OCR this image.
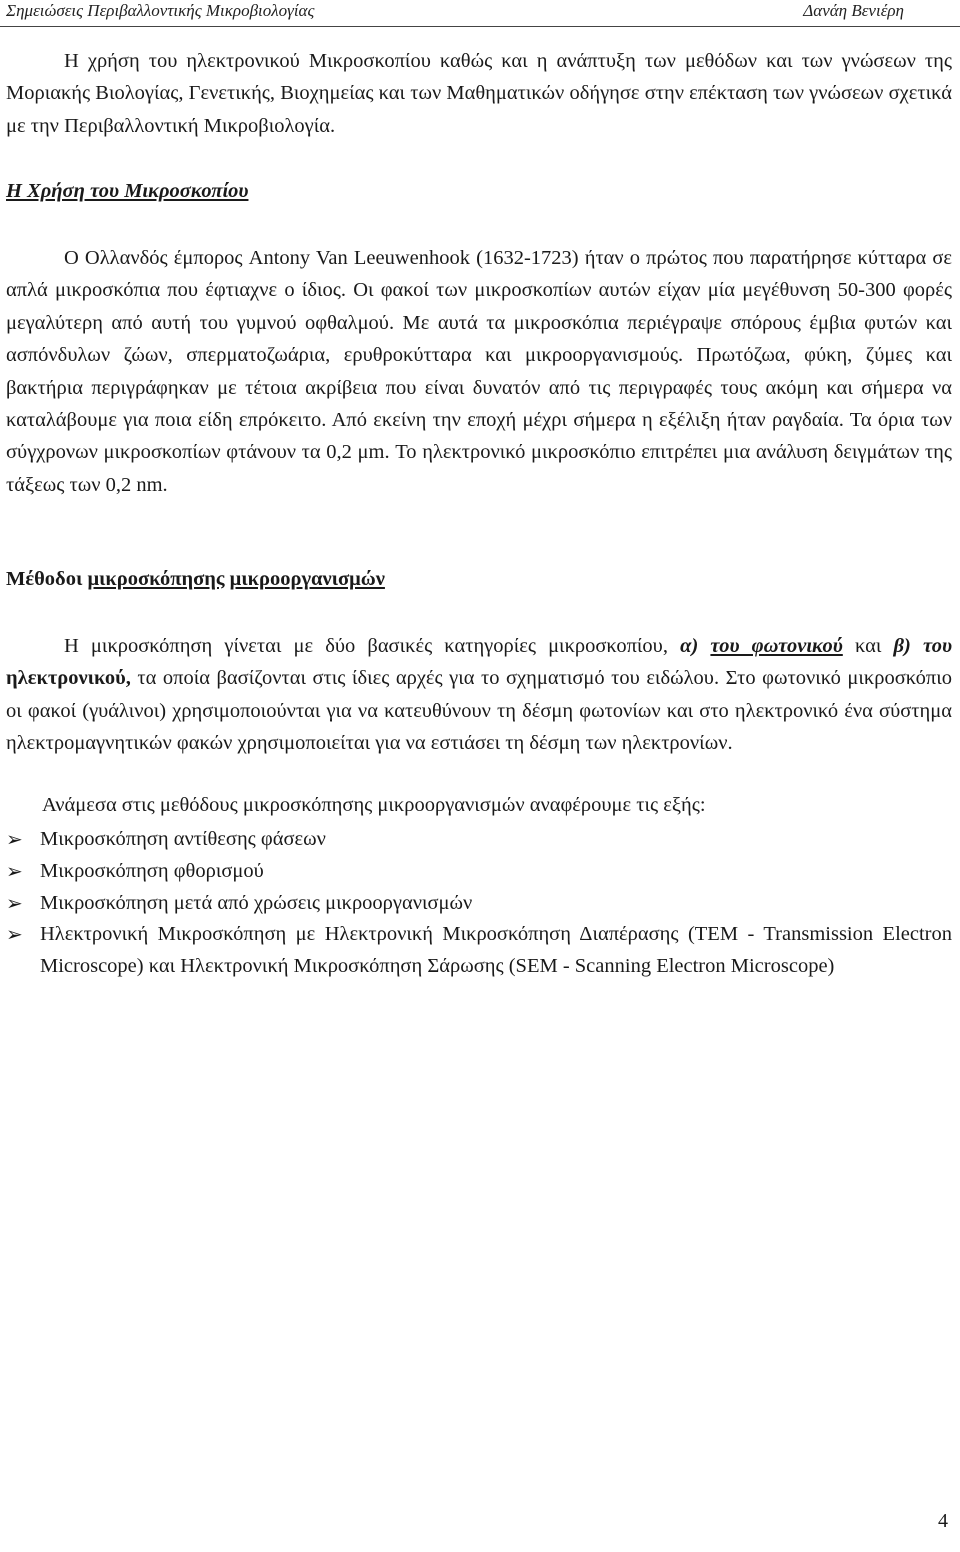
Σημειώσεις Περιβαλλοντικής Μικροβιολογίας	Δανάη Βενιέρη
Η χρήση του ηλεκτρονικού Μικροσκοπίου καθώς και η ανάπτυξη των μεθόδων και των γνώσεων της Μοριακής Βιολογίας, Γενετικής, Βιοχημείας και των Μαθηματικών οδήγησε στην επέκταση των γνώσεων σχετικά με την Περιβαλλοντική Μικροβιολογία.
Η Χρήση του Μικροσκοπίου
Ο Ολλανδός έμπορος Antony Van Leeuwenhook (1632-1723) ήταν ο πρώτος που παρατήρησε κύτταρα σε απλά μικροσκόπια που έφτιαχνε ο ίδιος. Οι φακοί των μικροσκοπίων αυτών είχαν μία μεγέθυνση 50-300 φορές μεγαλύτερη από αυτή του γυμνού οφθαλμού. Με αυτά τα μικροσκόπια περιέγραψε σπόρους έμβια φυτών και ασπόνδυλων ζώων, σπερματοζωάρια, ερυθροκύτταρα και μικροοργανισμούς. Πρωτόζωα, φύκη, ζύμες και βακτήρια περιγράφηκαν με τέτοια ακρίβεια που είναι δυνατόν από τις περιγραφές τους ακόμη και σήμερα να καταλάβουμε για ποια είδη επρόκειτο. Από εκείνη την εποχή μέχρι σήμερα η εξέλιξη ήταν ραγδαία. Τα όρια των σύγχρονων μικροσκοπίων φτάνουν τα 0,2 μm. Το ηλεκτρονικό μικροσκόπιο επιτρέπει μια ανάλυση δειγμάτων της τάξεως των 0,2 nm.
Μέθοδοι μικροσκόπησης μικροοργανισμών
Η μικροσκόπηση γίνεται με δύο βασικές κατηγορίες μικροσκοπίου, α) του φωτονικού και β) του ηλεκτρονικού, τα οποία βασίζονται στις ίδιες αρχές για το σχηματισμό του ειδώλου. Στο φωτονικό μικροσκόπιο οι φακοί (γυάλινοι) χρησιμοποιούνται για να κατευθύνουν τη δέσμη φωτονίων και στο ηλεκτρονικό ένα σύστημα ηλεκτρομαγνητικών φακών χρησιμοποιείται για να εστιάσει τη δέσμη των ηλεκτρονίων.
Ανάμεσα στις μεθόδους μικροσκόπησης μικροοργανισμών αναφέρουμε τις εξής:
➢ Μικροσκόπηση αντίθεσης φάσεων
➢ Μικροσκόπηση φθορισμού
➢ Μικροσκόπηση μετά από χρώσεις μικροοργανισμών
➢ Ηλεκτρονική Μικροσκόπηση με Ηλεκτρονική Μικροσκόπηση Διαπέρασης (TEM - Transmission Electron Microscope) και Ηλεκτρονική Μικροσκόπηση Σάρωσης (SEM - Scanning Electron Microscope)
4
